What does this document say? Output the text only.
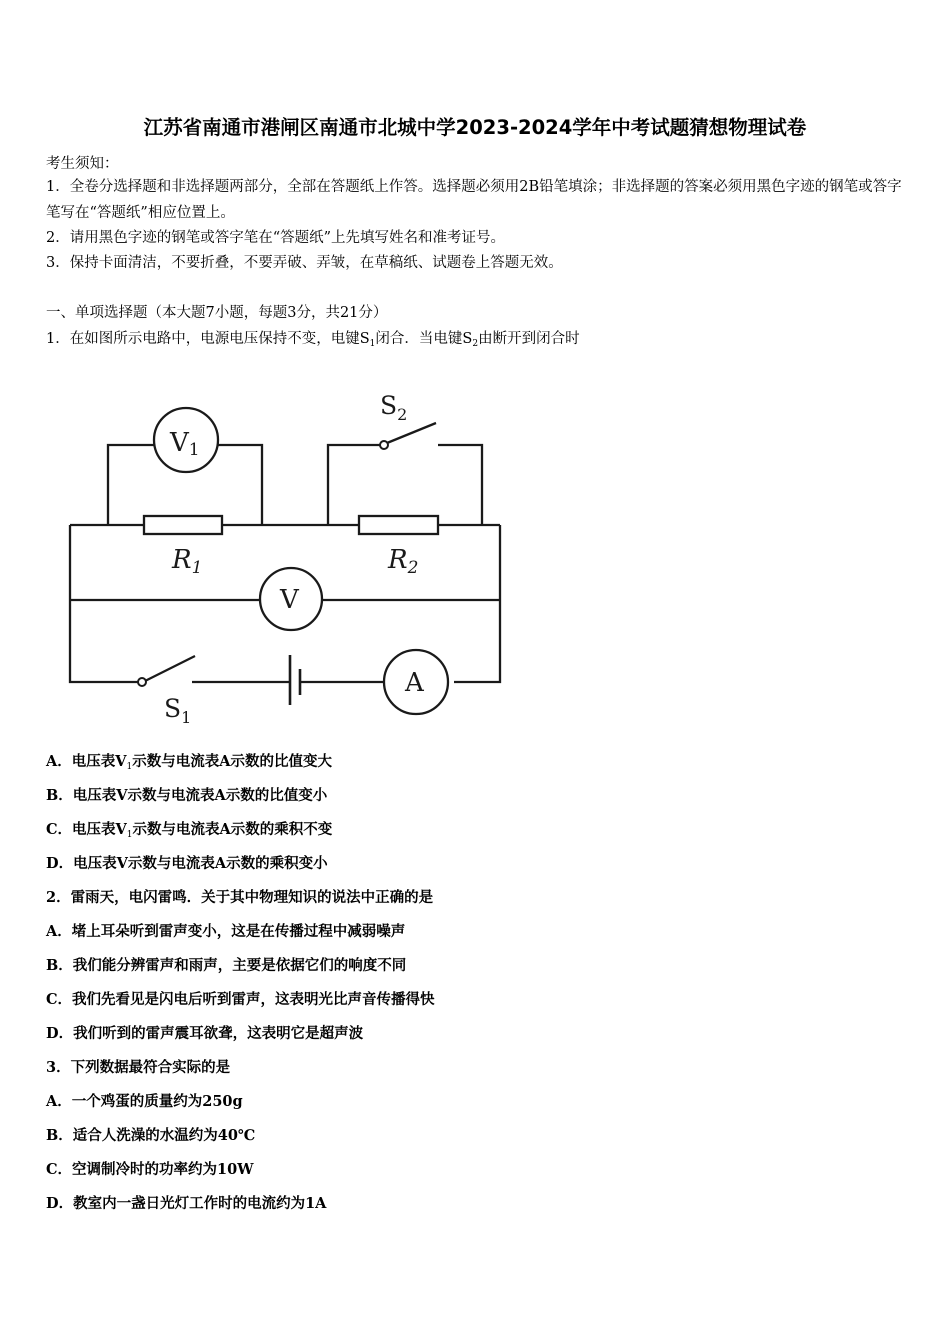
江苏省南通市港闸区南通市北城中学2023-2024学年中考试题猜想物理试卷
考生须知：
1．全卷分选择题和非选择题两部分，全部在答题纸上作答。选择题必须用2B铅笔填涂；非选择题的答案必须用黑色字迹的钢笔或答字笔写在“答题纸”相应位置上。
2．请用黑色字迹的钢笔或答字笔在“答题纸”上先填写姓名和准考证号。
3．保持卡面清洁，不要折叠，不要弄破、弄皱，在草稿纸、试题卷上答题无效。
一、单项选择题（本大题7小题，每题3分，共21分）
1．在如图所示电路中，电源电压保持不变，电键$S_1$闭合．当电键$S_2$由断开到闭合时
V1
V
A
R1	R2
$S_2$
$S_1$
A．电压表$V_1$示数与电流表A示数的比值变大
B．电压表V示数与电流表A示数的比值变小
C．电压表$V_1$示数与电流表A示数的乘积不变
D．电压表V示数与电流表A示数的乘积变小
2．雷雨天，电闪雷鸣．关于其中物理知识的说法中正确的是
A．堵上耳朵听到雷声变小，这是在传播过程中减弱噪声
B．我们能分辨雷声和雨声，主要是依据它们的响度不同
C．我们先看见是闪电后听到雷声，这表明光比声音传播得快
D．我们听到的雷声震耳欲聋，这表明它是超声波
3．下列数据最符合实际的是
A．一个鸡蛋的质量约为250g
B．适合人洗澡的水温约为40℃
C．空调制冷时的功率约为10W
D．教室内一盏日光灯工作时的电流约为1A
